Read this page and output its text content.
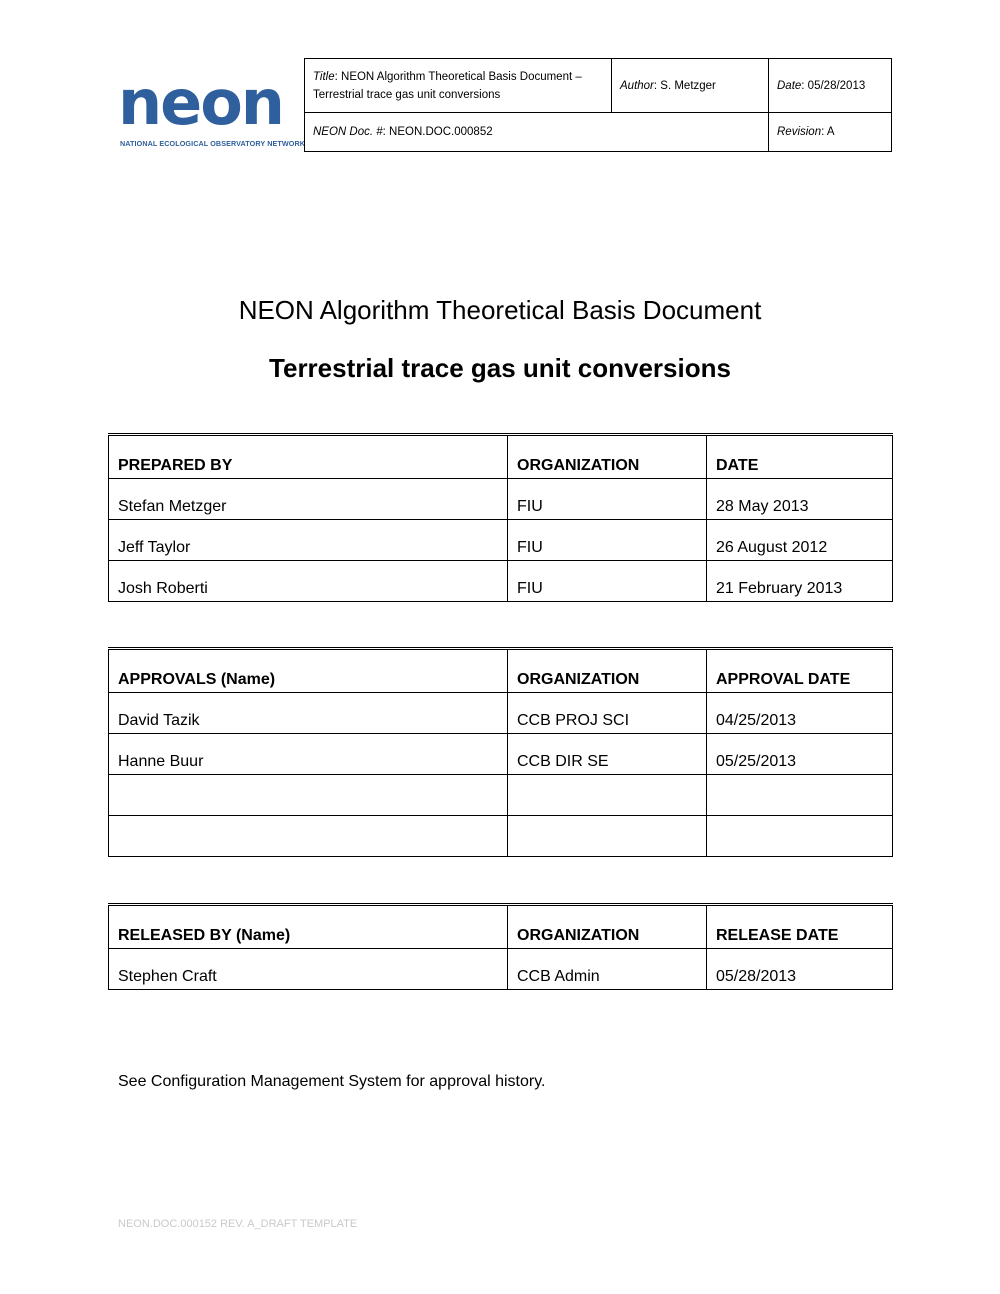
neon
NATIONAL ECOLOGICAL OBSERVATORY NETWORK
Title: NEON Algorithm Theoretical Basis Document – Terrestrial trace gas unit conversions	Author: S. Metzger	Date: 05/28/2013
NEON Doc. #: NEON.DOC.000852		Revision: A
NEON Algorithm Theoretical Basis Document
Terrestrial trace gas unit conversions
PREPARED BY	ORGANIZATION	DATE
Stefan Metzger	FIU	28 May 2013
Jeff Taylor	FIU	26 August 2012
Josh Roberti	FIU	21 February 2013
APPROVALS (Name)	ORGANIZATION	APPROVAL DATE
David Tazik	CCB PROJ SCI	04/25/2013
Hanne Buur	CCB DIR SE	05/25/2013

RELEASED BY (Name)	ORGANIZATION	RELEASE DATE
Stephen Craft	CCB Admin	05/28/2013
See Configuration Management System for approval history.
NEON.DOC.000152 REV. A_DRAFT TEMPLATE
